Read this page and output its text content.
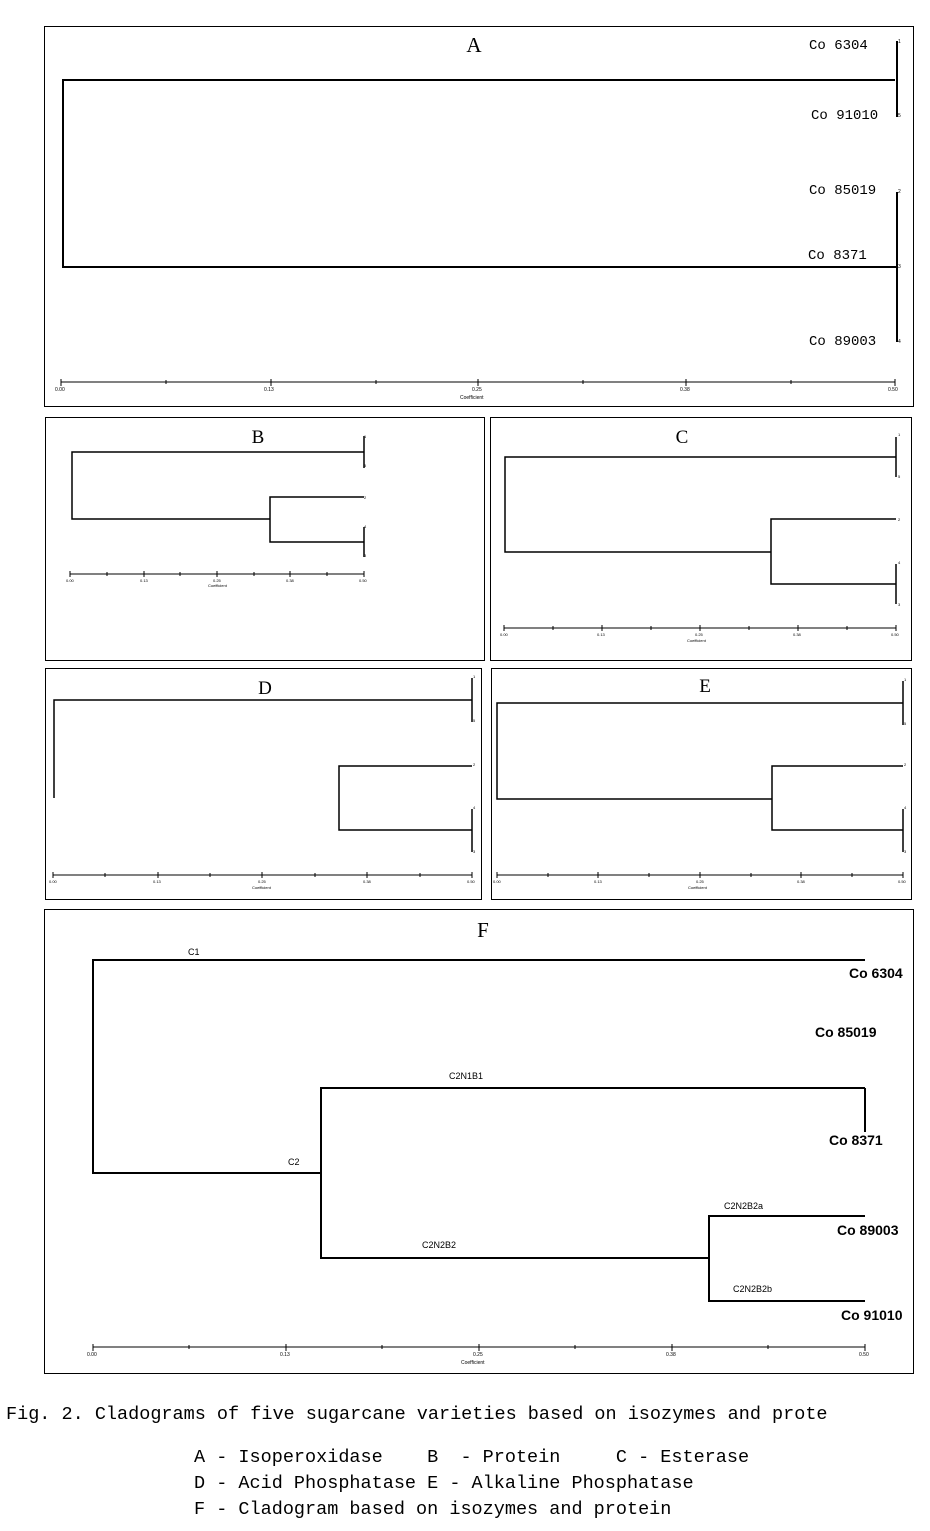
A	Co 6304
Co 91010
Co 85019
Co 8371
Co 89003
1
5
2
3
4
0.00	0.13	0.25	0.38	0.50
Coefficient
B	1
5
2
4
3
0.00	0.13	0.25	0.38	0.50
Coefficient
C	1
5
2
4
3
0.00	0.13	0.25	0.38	0.50
Coefficient
D
1
5
2
4
3
0.00	0.13	0.25	0.38	0.50
Coefficient
E	1
5
2
4
3
0.00	0.13	0.25	0.38	0.50
Coefficient
F
Co 6304
Co 85019
Co 8371
Co 89003
Co 91010
C1
C2N1B1
C2
C2N2B2a
C2N2B2
C2N2B2b
0.00	0.13	0.25	0.38	0.50
Coefficient
Fig. 2. Cladograms of five sugarcane varieties based on isozymes and prote
A - Isoperoxidase    B  - Protein     C - Esterase
D - Acid Phosphatase E - Alkaline Phosphatase
F - Cladogram based on isozymes and protein
